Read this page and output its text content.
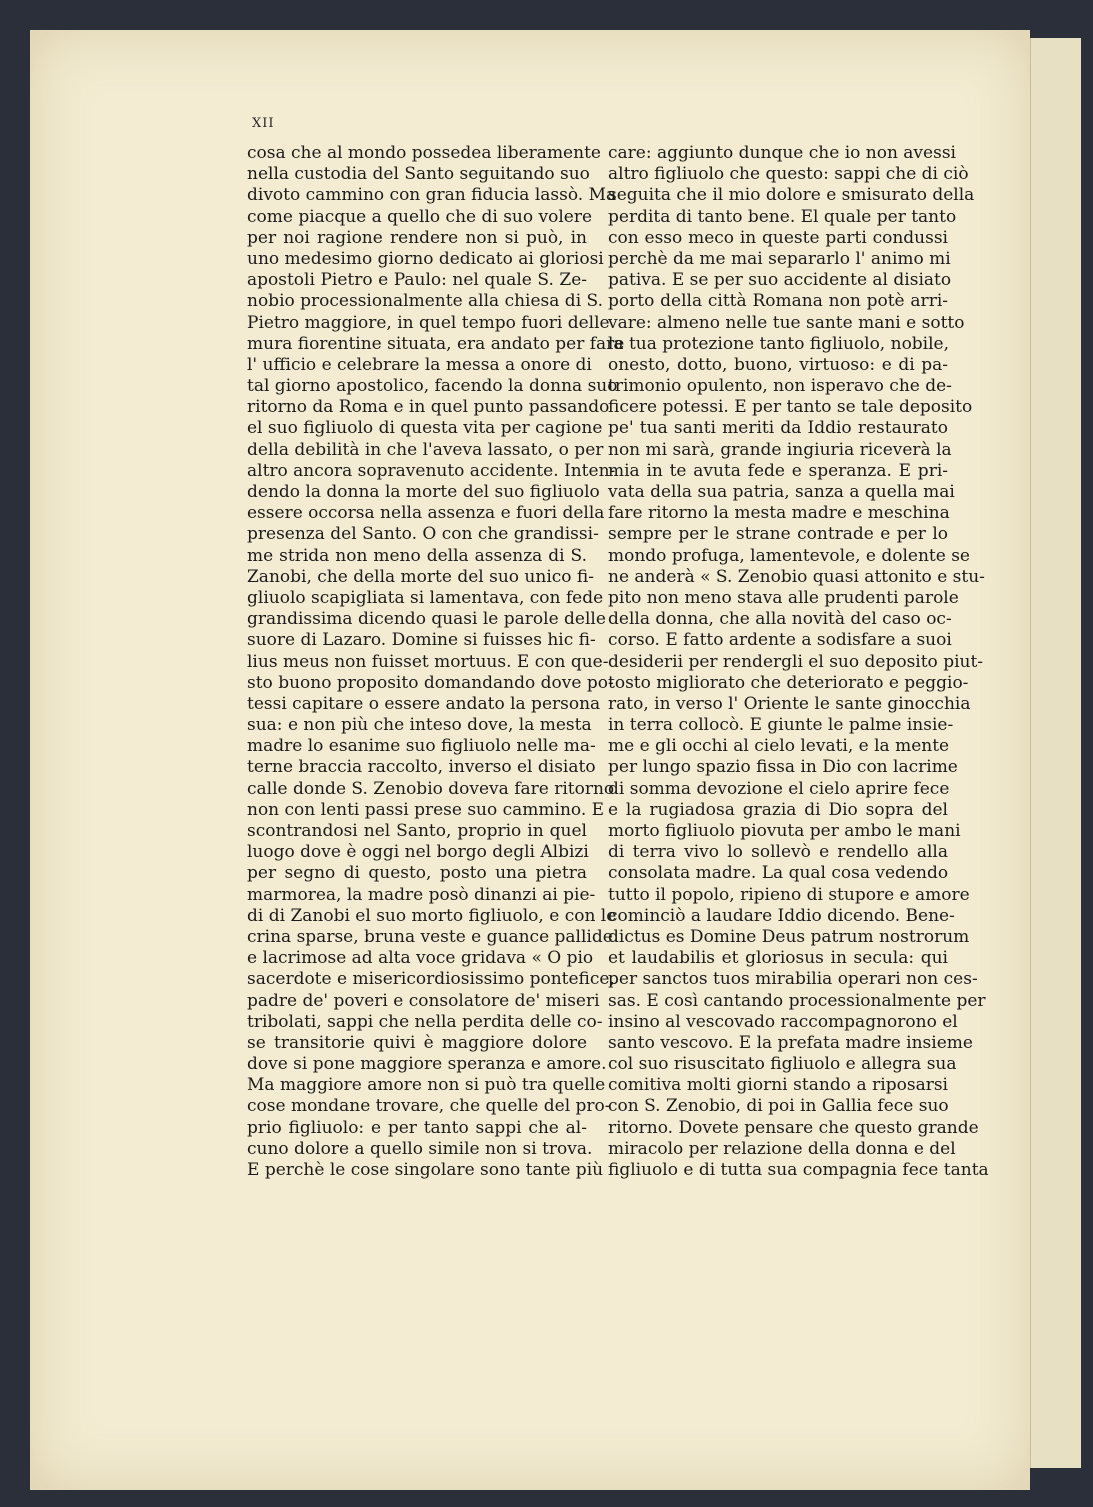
XII
cosa che al mondo possedea liberamente
nella custodia del Santo seguitando suo
divoto cammino con gran fiducia lassò. Ma
come piacque a quello che di suo volere
per noi ragione rendere non si può, in
uno medesimo giorno dedicato ai gloriosi
apostoli Pietro e Paulo: nel quale S. Ze-
nobio processionalmente alla chiesa di S.
Pietro maggiore, in quel tempo fuori delle
mura fiorentine situata, era andato per fare
l' ufficio e celebrare la messa a onore di
tal giorno apostolico, facendo la donna suo
ritorno da Roma e in quel punto passando
el suo figliuolo di questa vita per cagione
della debilità in che l'aveva lassato, o per
altro ancora sopravenuto accidente. Inten-
dendo la donna la morte del suo figliuolo
essere occorsa nella assenza e fuori della
presenza del Santo. O con che grandissi-
me strida non meno della assenza di S.
Zanobi, che della morte del suo unico fi-
gliuolo scapigliata si lamentava, con fede
grandissima dicendo quasi le parole delle
suore di Lazaro. Domine si fuisses hic fi-
lius meus non fuisset mortuus. E con que-
sto buono proposito domandando dove po-
tessi capitare o essere andato la persona
sua: e non più che inteso dove, la mesta
madre lo esanime suo figliuolo nelle ma-
terne braccia raccolto, inverso el disiato
calle donde S. Zenobio doveva fare ritorno
non con lenti passi prese suo cammino. E
scontrandosi nel Santo, proprio in quel
luogo dove è oggi nel borgo degli Albizi
per segno di questo, posto una pietra
marmorea, la madre posò dinanzi ai pie-
di di Zanobi el suo morto figliuolo, e con le
crina sparse, bruna veste e guance pallide
e lacrimose ad alta voce gridava « O pio
sacerdote e misericordiosissimo pontefice,
padre de' poveri e consolatore de' miseri
tribolati, sappi che nella perdita delle co-
se transitorie quivi è maggiore dolore
dove si pone maggiore speranza e amore.
Ma maggiore amore non si può tra quelle
cose mondane trovare, che quelle del pro-
prio figliuolo: e per tanto sappi che al-
cuno dolore a quello simile non si trova.
E perchè le cose singolare sono tante più
care: aggiunto dunque che io non avessi
altro figliuolo che questo: sappi che di ciò
seguita che il mio dolore e smisurato della
perdita di tanto bene. El quale per tanto
con esso meco in queste parti condussi
perchè da me mai separarlo l' animo mi
pativa. E se per suo accidente al disiato
porto della città Romana non potè arri-
vare: almeno nelle tue sante mani e sotto
la tua protezione tanto figliuolo, nobile,
onesto, dotto, buono, virtuoso: e di pa-
trimonio opulento, non isperavo che de-
ficere potessi. E per tanto se tale deposito
pe' tua santi meriti da Iddio restaurato
non mi sarà, grande ingiuria riceverà la
mia in te avuta fede e speranza. E pri-
vata della sua patria, sanza a quella mai
fare ritorno la mesta madre e meschina
sempre per le strane contrade e per lo
mondo profuga, lamentevole, e dolente se
ne anderà « S. Zenobio quasi attonito e stu-
pito non meno stava alle prudenti parole
della donna, che alla novità del caso oc-
corso. E fatto ardente a sodisfare a suoi
desiderii per rendergli el suo deposito piut-
tosto migliorato che deteriorato e peggio-
rato, in verso l' Oriente le sante ginocchia
in terra collocò. E giunte le palme insie-
me e gli occhi al cielo levati, e la mente
per lungo spazio fissa in Dio con lacrime
di somma devozione el cielo aprire fece
e la rugiadosa grazia di Dio sopra del
morto figliuolo piovuta per ambo le mani
di terra vivo lo sollevò e rendello alla
consolata madre. La qual cosa vedendo
tutto il popolo, ripieno di stupore e amore
cominciò a laudare Iddio dicendo. Bene-
dictus es Domine Deus patrum nostrorum
et laudabilis et gloriosus in secula: qui
per sanctos tuos mirabilia operari non ces-
sas. E così cantando processionalmente per
insino al vescovado raccompagnorono el
santo vescovo. E la prefata madre insieme
col suo risuscitato figliuolo e allegra sua
comitiva molti giorni stando a riposarsi
con S. Zenobio, di poi in Gallia fece suo
ritorno. Dovete pensare che questo grande
miracolo per relazione della donna e del
figliuolo e di tutta sua compagnia fece tanta
